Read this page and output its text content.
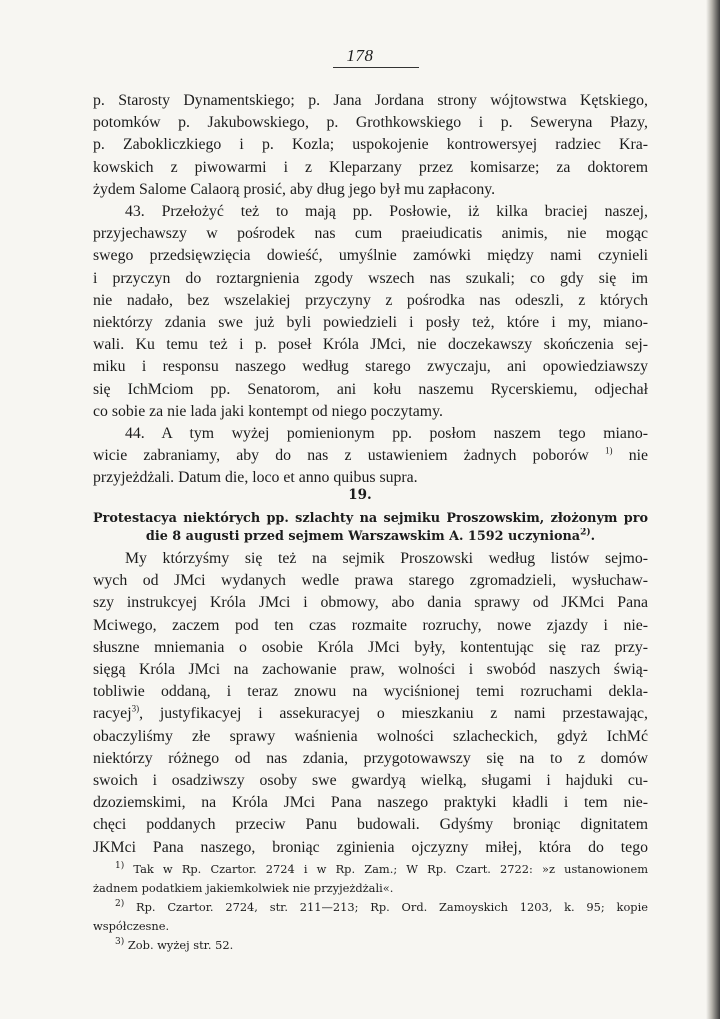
178
p. Starosty Dynamentskiego; p. Jana Jordana strony wójtowstwa Kętskiego,
potomków p. Jakubowskiego, p. Grothkowskiego i p. Seweryna Płazy,
p. Zabokliczkiego i p. Kozla; uspokojenie kontrowersyej radziec Kra-
kowskich z piwowarmi i z Kleparzany przez komisarze; za doktorem
żydem Salome Calaorą prosić, aby dług jego był mu zapłacony.
43. Przełożyć też to mają pp. Posłowie, iż kilka braciej naszej,
przyjechawszy w pośrodek nas cum praeiudicatis animis, nie mogąc
swego przedsięwzięcia dowieść, umyślnie zamówki między nami czynieli
i przyczyn do roztargnienia zgody wszech nas szukali; co gdy się im
nie nadało, bez wszelakiej przyczyny z pośrodka nas odeszli, z których
niektórzy zdania swe już byli powiedzieli i posły też, które i my, miano-
wali. Ku temu też i p. poseł Króla JMci, nie doczekawszy skończenia sej-
miku i responsu naszego według starego zwyczaju, ani opowiedziawszy
się IchMciom pp. Senatorom, ani kołu naszemu Rycerskiemu, odjechał
co sobie za nie lada jaki kontempt od niego poczytamy.
44. A tym wyżej pomienionym pp. posłom naszem tego miano-
wicie zabraniamy, aby do nas z ustawieniem żadnych poborów $^{1)}$ nie
przyjeżdżali. Datum die, loco et anno quibus supra.
19.
Protestacya niektórych pp. szlachty na sejmiku Proszowskim, złożonym pro
die 8 augusti przed sejmem Warszawskim A. 1592 uczyniona$^{2)}$.
My którzyśmy się też na sejmik Proszowski według listów sejmo-
wych od JMci wydanych wedle prawa starego zgromadzieli, wysłuchaw-
szy instrukcyej Króla JMci i obmowy, abo dania sprawy od JKMci Pana
Mciwego, zaczem pod ten czas rozmaite rozruchy, nowe zjazdy i nie-
słuszne mniemania o osobie Króla JMci były, kontentując się raz przy-
sięgą Króla JMci na zachowanie praw, wolności i swobód naszych świą-
tobliwie oddaną, i teraz znowu na wyciśnionej temi rozruchami dekla-
racyej$^{3)}$, justyfikacyej i assekuracyej o mieszkaniu z nami przestawając,
obaczyliśmy złe sprawy waśnienia wolności szlacheckich, gdyż IchMć
niektórzy różnego od nas zdania, przygotowawszy się na to z domów
swoich i osadziwszy osoby swe gwardyą wielką, sługami i hajduki cu-
dzoziemskimi, na Króla JMci Pana naszego praktyki kładli i tem nie-
chęci poddanych przeciw Panu budowali. Gdyśmy broniąc dignitatem
JKMci Pana naszego, broniąc zginienia ojczyzny miłej, która do tego
$^{1)}$ Tak w Rp. Czartor. 2724 i w Rp. Zam.; W Rp. Czart. 2722: »z ustanowionem
żadnem podatkiem jakiemkolwiek nie przyjeżdżali«.
$^{2)}$ Rp. Czartor. 2724, str. 211—213; Rp. Ord. Zamoyskich 1203, k. 95; kopie
współczesne.
$^{3)}$ Zob. wyżej str. 52.
